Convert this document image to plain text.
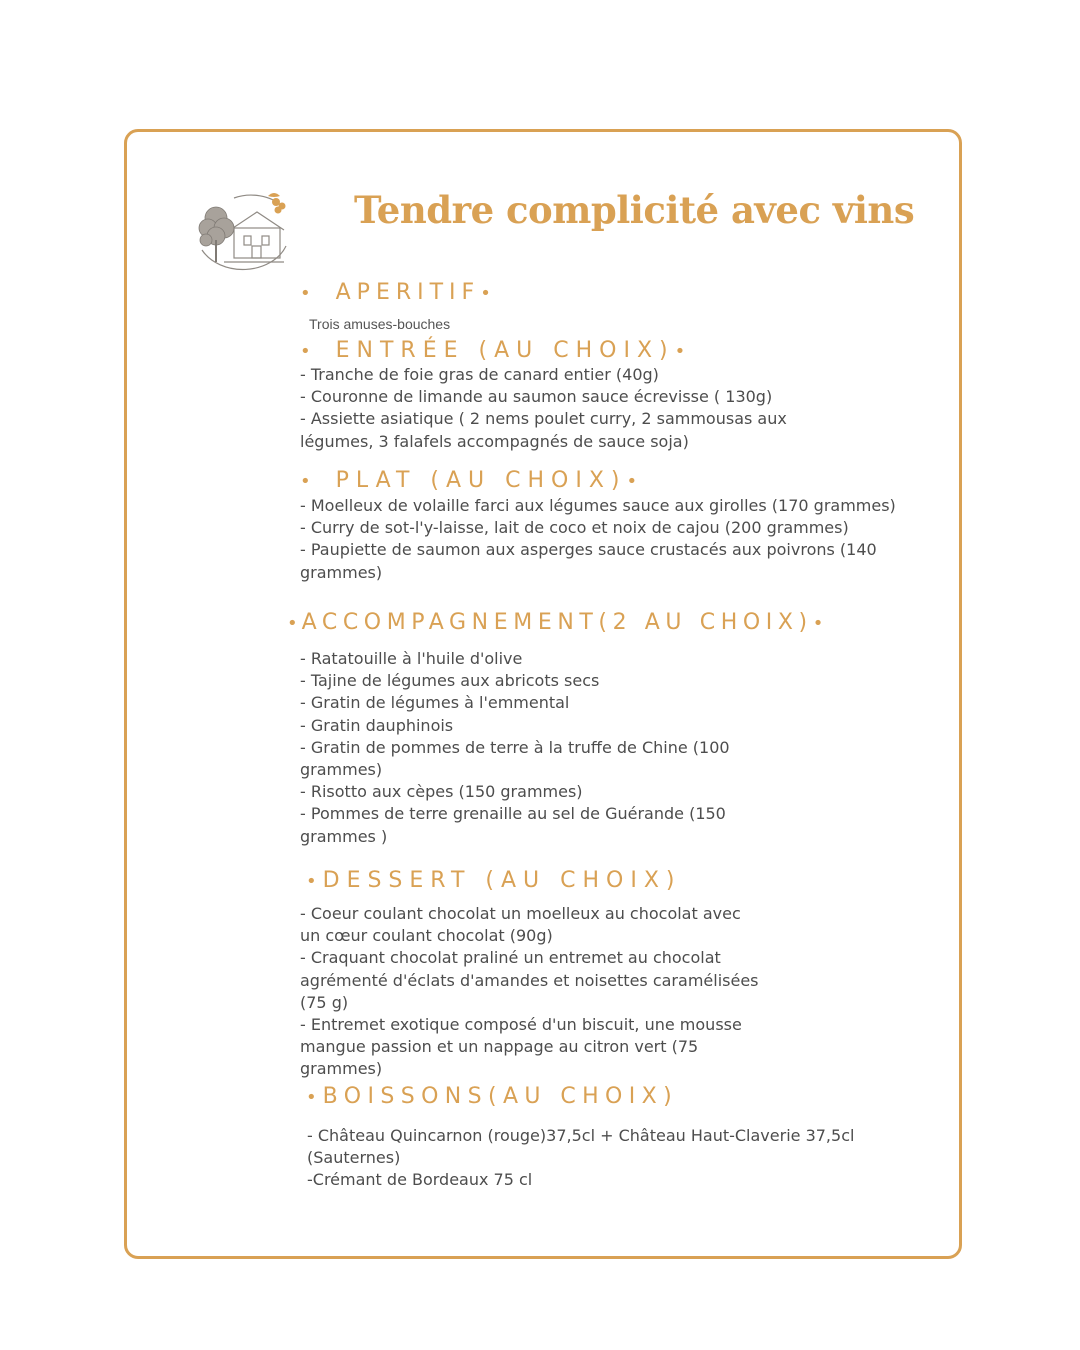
Tendre complicité avec vins
• APERITIF•
Trois amuses-bouches
• ENTRÉE (AU CHOIX)•
- Tranche de foie gras de canard entier (40g)
- Couronne de limande au saumon sauce écrevisse ( 130g)
- Assiette asiatique ( 2 nems poulet curry, 2 sammousas aux
légumes, 3 falafels accompagnés de sauce soja)
• PLAT (AU CHOIX)•
- Moelleux de volaille farci aux légumes sauce aux girolles (170 grammes)
- Curry de sot-l'y-laisse, lait de coco et noix de cajou (200 grammes)
- Paupiette de saumon aux asperges sauce crustacés aux poivrons (140
grammes)
• ACCOMPAGNEMENT(2 AU CHOIX)•
- Ratatouille à l'huile d'olive
- Tajine de légumes aux abricots secs
- Gratin de légumes à l'emmental
- Gratin dauphinois
- Gratin de pommes de terre à la truffe de Chine (100
grammes)
- Risotto aux cèpes (150 grammes)
- Pommes de terre grenaille au sel de Guérande (150
grammes )
• DESSERT (AU CHOIX)
- Coeur coulant chocolat un moelleux au chocolat avec
un cœur coulant chocolat (90g)
- Craquant chocolat praliné un entremet au chocolat
agrémenté d'éclats d'amandes et noisettes caramélisées
(75 g)
- Entremet exotique composé d'un biscuit, une mousse
mangue passion et un nappage au citron vert (75
grammes)
• BOISSONS(AU CHOIX)
- Château Quincarnon (rouge)37,5cl + Château Haut-Claverie 37,5cl
(Sauternes)
-Crémant de Bordeaux 75 cl
